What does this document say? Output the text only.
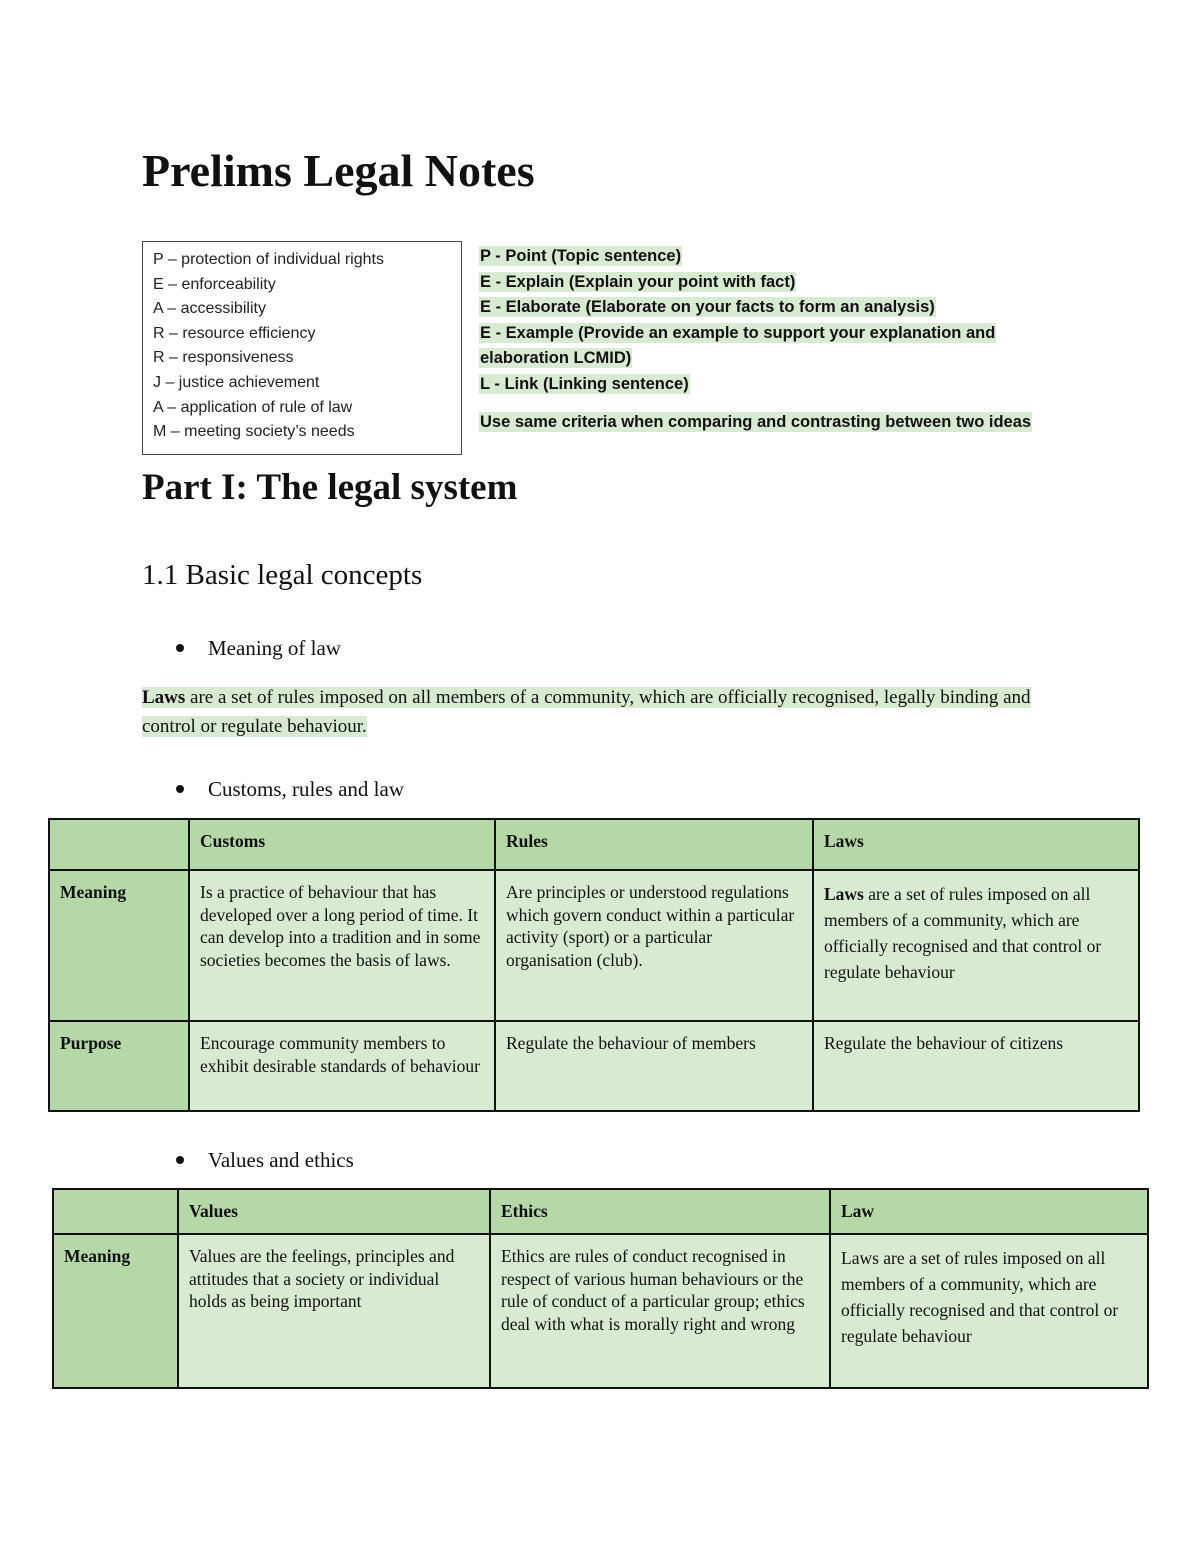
Prelims Legal Notes
P – protection of individual rights
E – enforceability
A – accessibility
R – resource efficiency
R – responsiveness
J – justice achievement
A – application of rule of law
M – meeting society’s needs
P - Point (Topic sentence)
E - Explain (Explain your point with fact)
E - Elaborate (Elaborate on your facts to form an analysis)
E - Example (Provide an example to support your explanation and
elaboration LCMID)
L - Link (Linking sentence)
Use same criteria when comparing and contrasting between two ideas
Part I: The legal system
1.1 Basic legal concepts
Meaning of law
Laws are a set of rules imposed on all members of a community, which are officially recognised, legally binding and control or regulate behaviour.
Customs, rules and law
	Customs	Rules	Laws
Meaning	Is a practice of behaviour that has developed over a long period of time. It can develop into a tradition and in some societies becomes the basis of laws.	Are principles or understood regulations which govern conduct within a particular activity (sport) or a particular organisation (club).	Laws are a set of rules imposed on all members of a community, which are officially recognised and that control or regulate behaviour
Purpose	Encourage community members to exhibit desirable standards of behaviour	Regulate the behaviour of members	Regulate the behaviour of citizens
Values and ethics
	Values	Ethics	Law
Meaning	Values are the feelings, principles and attitudes that a society or individual holds as being important	Ethics are rules of conduct recognised in respect of various human behaviours or the rule of conduct of a particular group; ethics deal with what is morally right and wrong	Laws are a set of rules imposed on all members of a community, which are officially recognised and that control or regulate behaviour
